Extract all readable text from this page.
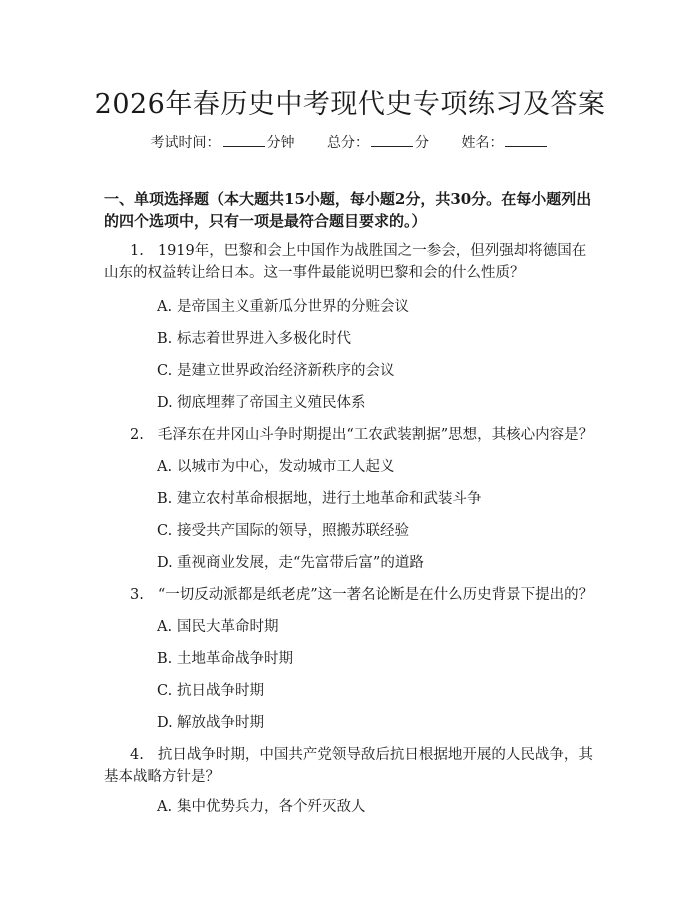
2026年春历史中考现代史专项练习及答案
考试时间：	分钟 总分：	分 姓名：
一、单项选择题（本大题共15小题，每小题2分，共30分。在每小题列出的四个选项中，只有一项是最符合题目要求的。）
1. 1919年，巴黎和会上中国作为战胜国之一参会，但列强却将德国在山东的权益转让给日本。这一事件最能说明巴黎和会的什么性质？
A. 是帝国主义重新瓜分世界的分赃会议
B. 标志着世界进入多极化时代
C. 是建立世界政治经济新秩序的会议
D. 彻底埋葬了帝国主义殖民体系
2. 毛泽东在井冈山斗争时期提出“工农武装割据”思想，其核心内容是？
A. 以城市为中心，发动城市工人起义
B. 建立农村革命根据地，进行土地革命和武装斗争
C. 接受共产国际的领导，照搬苏联经验
D. 重视商业发展，走“先富带后富”的道路
3. “一切反动派都是纸老虎”这一著名论断是在什么历史背景下提出的？
A. 国民大革命时期
B. 土地革命战争时期
C. 抗日战争时期
D. 解放战争时期
4. 抗日战争时期，中国共产党领导敌后抗日根据地开展的人民战争，其基本战略方针是？
A. 集中优势兵力，各个歼灭敌人
